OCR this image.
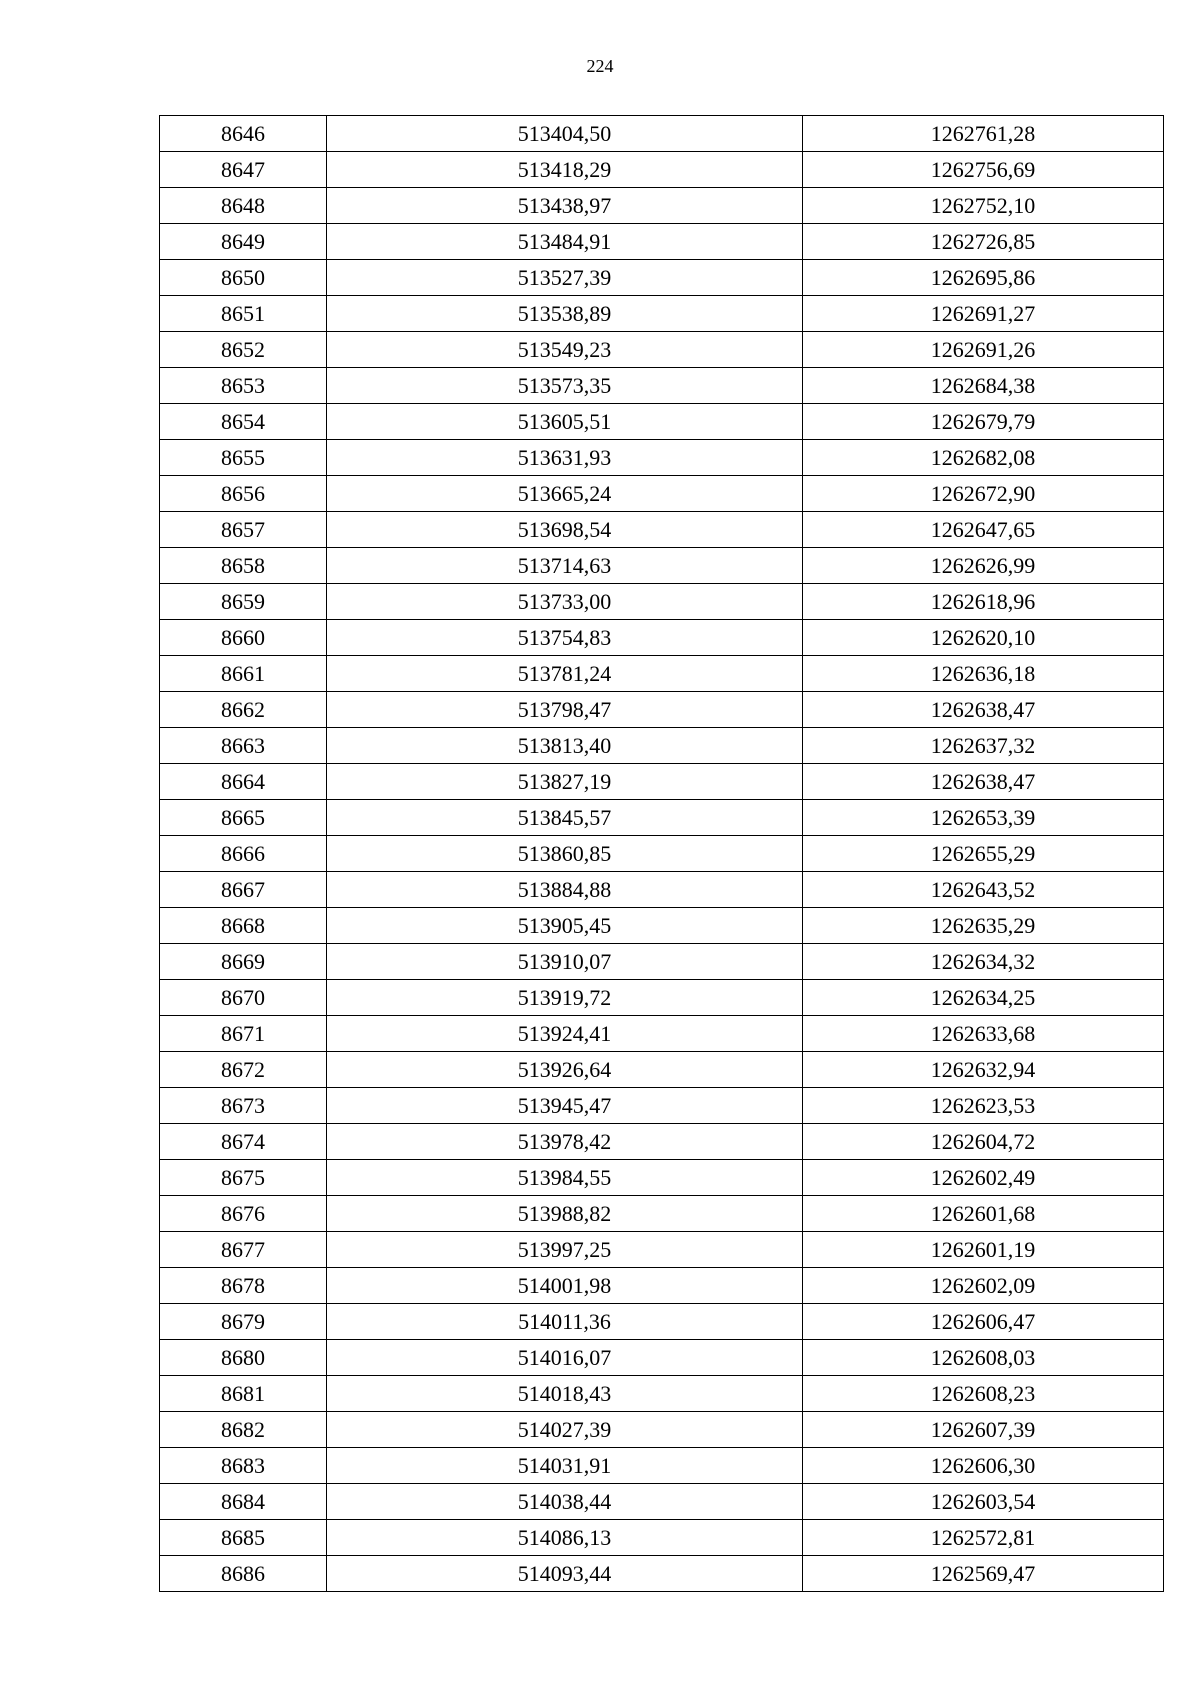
224
8646	513404,50	1262761,28
8647	513418,29	1262756,69
8648	513438,97	1262752,10
8649	513484,91	1262726,85
8650	513527,39	1262695,86
8651	513538,89	1262691,27
8652	513549,23	1262691,26
8653	513573,35	1262684,38
8654	513605,51	1262679,79
8655	513631,93	1262682,08
8656	513665,24	1262672,90
8657	513698,54	1262647,65
8658	513714,63	1262626,99
8659	513733,00	1262618,96
8660	513754,83	1262620,10
8661	513781,24	1262636,18
8662	513798,47	1262638,47
8663	513813,40	1262637,32
8664	513827,19	1262638,47
8665	513845,57	1262653,39
8666	513860,85	1262655,29
8667	513884,88	1262643,52
8668	513905,45	1262635,29
8669	513910,07	1262634,32
8670	513919,72	1262634,25
8671	513924,41	1262633,68
8672	513926,64	1262632,94
8673	513945,47	1262623,53
8674	513978,42	1262604,72
8675	513984,55	1262602,49
8676	513988,82	1262601,68
8677	513997,25	1262601,19
8678	514001,98	1262602,09
8679	514011,36	1262606,47
8680	514016,07	1262608,03
8681	514018,43	1262608,23
8682	514027,39	1262607,39
8683	514031,91	1262606,30
8684	514038,44	1262603,54
8685	514086,13	1262572,81
8686	514093,44	1262569,47
